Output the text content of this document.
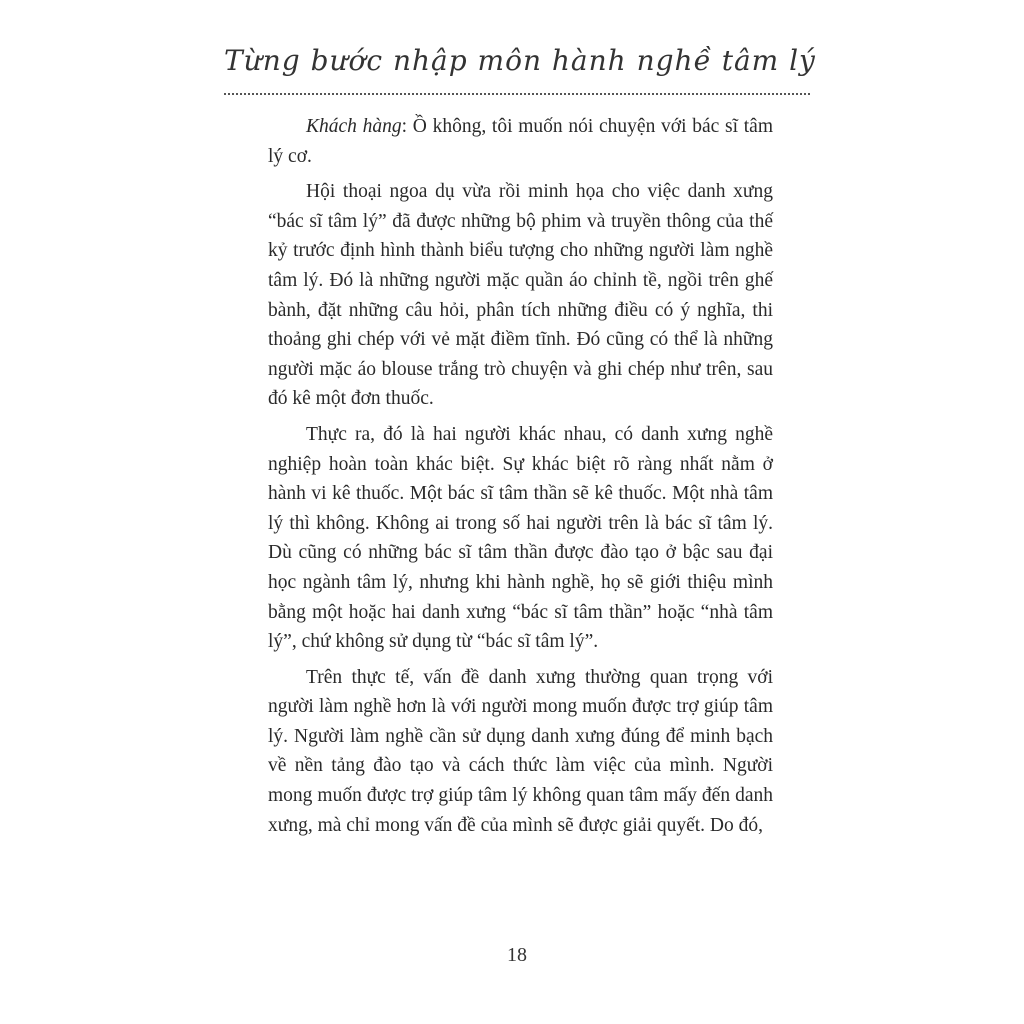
Từng bước nhập môn hành nghề tâm lý

Khách hàng: Ồ không, tôi muốn nói chuyện với bác sĩ tâm lý cơ.

Hội thoại ngoa dụ vừa rồi minh họa cho việc danh xưng “bác sĩ tâm lý” đã được những bộ phim và truyền thông của thế kỷ trước định hình thành biểu tượng cho những người làm nghề tâm lý. Đó là những người mặc quần áo chỉnh tề, ngồi trên ghế bành, đặt những câu hỏi, phân tích những điều có ý nghĩa, thi thoảng ghi chép với vẻ mặt điềm tĩnh. Đó cũng có thể là những người mặc áo blouse trắng trò chuyện và ghi chép như trên, sau đó kê một đơn thuốc.

Thực ra, đó là hai người khác nhau, có danh xưng nghề nghiệp hoàn toàn khác biệt. Sự khác biệt rõ ràng nhất nằm ở hành vi kê thuốc. Một bác sĩ tâm thần sẽ kê thuốc. Một nhà tâm lý thì không. Không ai trong số hai người trên là bác sĩ tâm lý. Dù cũng có những bác sĩ tâm thần được đào tạo ở bậc sau đại học ngành tâm lý, nhưng khi hành nghề, họ sẽ giới thiệu mình bằng một hoặc hai danh xưng “bác sĩ tâm thần” hoặc “nhà tâm lý”, chứ không sử dụng từ “bác sĩ tâm lý”.

Trên thực tế, vấn đề danh xưng thường quan trọng với người làm nghề hơn là với người mong muốn được trợ giúp tâm lý. Người làm nghề cần sử dụng danh xưng đúng để minh bạch về nền tảng đào tạo và cách thức làm việc của mình. Người mong muốn được trợ giúp tâm lý không quan tâm mấy đến danh xưng, mà chỉ mong vấn đề của mình sẽ được giải quyết. Do đó,

18
